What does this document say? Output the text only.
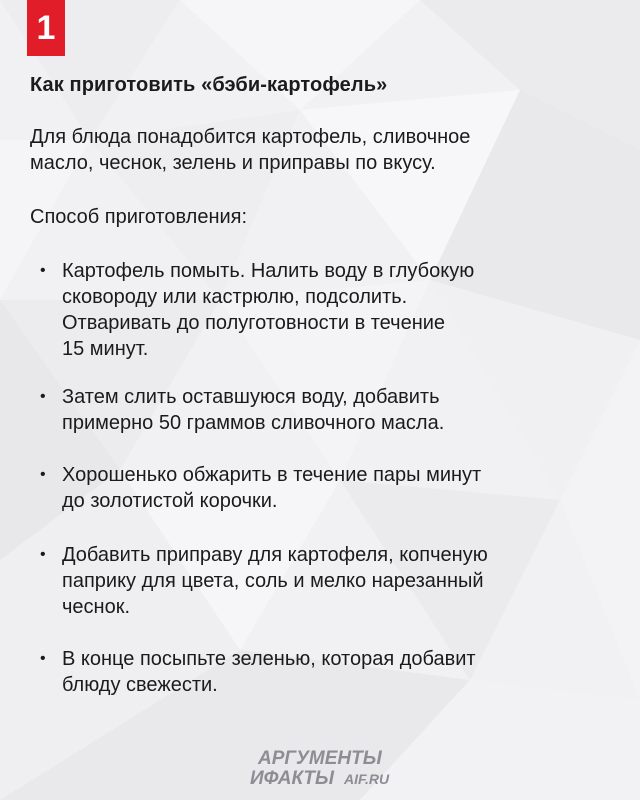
1
Как приготовить «бэби-картофель»
Для блюда понадобится картофель, сливочное
масло, чеснок, зелень и приправы по вкусу.
Способ приготовления:
• Картофель помыть. Налить воду в глубокую
сковороду или кастрюлю, подсолить.
Отваривать до полуготовности в течение
15 минут.
• Затем слить оставшуюся воду, добавить
примерно 50 граммов сливочного масла.
• Хорошенько обжарить в течение пары минут
до золотистой корочки.
• Добавить приправу для картофеля, копченую
паприку для цвета, соль и мелко нарезанный
чеснок.
• В конце посыпьте зеленью, которая добавит
блюду свежести.
АРГУМЕНТЫ
ИФАКТЫ AIF.RU
